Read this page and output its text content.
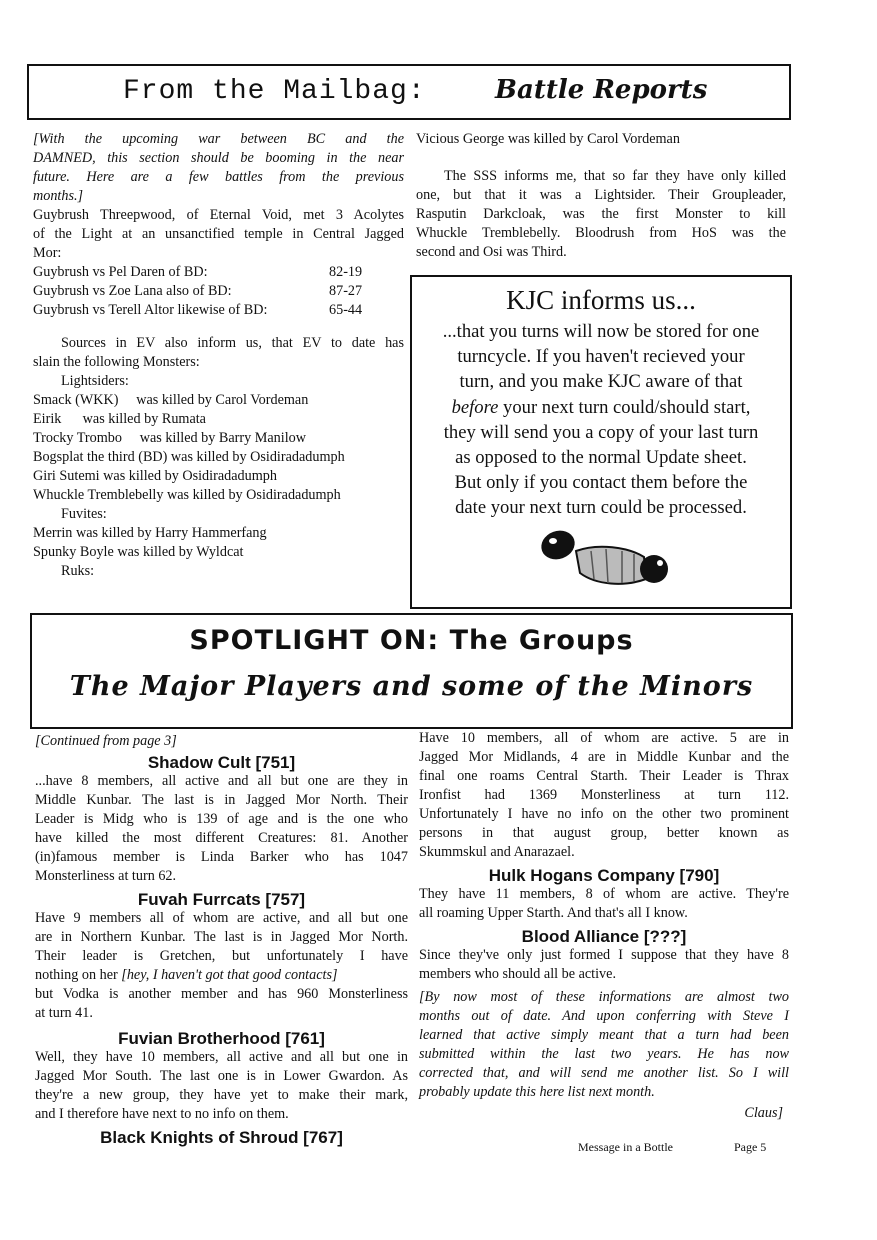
From the Mailbag:	Battle Reports
[With the upcoming war between BC and the
DAMNED, this section should be booming in the near
future. Here are a few battles from the previous
months.]
Guybrush Threepwood, of Eternal Void, met 3 Acolytes
of the Light at an unsanctified temple in Central Jagged
Mor:
Guybrush vs Pel Daren of BD:	82-19
Guybrush vs Zoe Lana also of BD:	87-27
Guybrush vs Terell Altor likewise of BD:	65-44
Sources in EV also inform us, that EV to date has
slain the following Monsters:
Lightsiders:
Smack (WKK)     was killed by Carol Vordeman
Eirik      was killed by Rumata
Trocky Trombo     was killed by Barry Manilow
Bogsplat the third (BD) was killed by Osidiradadumph
Giri Sutemi was killed by Osidiradadumph
Whuckle Tremblebelly was killed by Osidiradadumph
Fuvites:
Merrin was killed by Harry Hammerfang
Spunky Boyle was killed by Wyldcat
Ruks:
Vicious George was killed by Carol Vordeman
The SSS informs me, that so far they have only killed
one, but that it was a Lightsider. Their Groupleader,
Rasputin Darkcloak, was the first Monster to kill
Whuckle Tremblebelly. Bloodrush from HoS was the
second and Osi was Third.
KJC informs us...
...that you turns will now be stored for one
turncycle. If you haven't recieved your
turn, and you make KJC aware of that
before your next turn could/should start,
they will send you a copy of your last turn
as opposed to the normal Update sheet.
But only if you contact them before the
date your next turn could be processed.
SPOTLIGHT ON: The Groups
The Major Players and some of the Minors
[Continued from page 3]
Shadow Cult [751]
...have 8 members, all active and all but one are they in
Middle Kunbar. The last is in Jagged Mor North. Their
Leader is Midg who is 139 of age and is the one who
have killed the most different Creatures: 81. Another
(in)famous member is Linda Barker who has 1047
Monsterliness at turn 62.
Fuvah Furrcats [757]
Have 9 members all of whom are active, and all but one
are in Northern Kunbar. The last is in Jagged Mor North.
Their leader is Gretchen, but unfortunately I have
nothing on her [hey, I haven't got that good contacts]
but Vodka is another member and has 960 Monsterliness
at turn 41.
Fuvian Brotherhood [761]
Well, they have 10 members, all active and all but one in
Jagged Mor South. The last one is in Lower Gwardon. As
they're a new group, they have yet to make their mark,
and I therefore have next to no info on them.
Black Knights of Shroud [767]
Have 10 members, all of whom are active. 5 are in
Jagged Mor Midlands, 4 are in Middle Kunbar and the
final one roams Central Starth. Their Leader is Thrax
Ironfist had 1369 Monsterliness at turn 112.
Unfortunately I have no info on the other two prominent
persons in that august group, better known as
Skummskul and Anarazael.
Hulk Hogans Company [790]
They have 11 members, 8 of whom are active. They're
all roaming Upper Starth. And that's all I know.
Blood Alliance [???]
Since they've only just formed I suppose that they have 8
members who should all be active.
[By now most of these informations are almost two
months out of date. And upon conferring with Steve I
learned that active simply meant that a turn had been
submitted within the last two years. He has now
corrected that, and will send me another list. So I will
probably update this here list next month.
Claus]
Message in a Bottle	Page 5
